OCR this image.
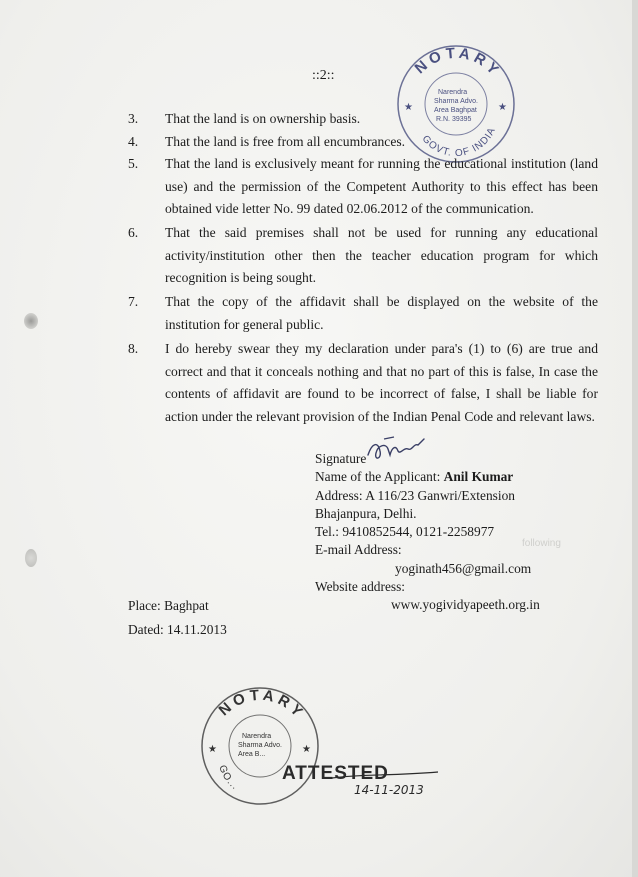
following
::2::	NOTARY
GOVT. OF INDIA
Narendra
Sharma Advo.
Area Baghpat
R.N. 39395
★	★
3. That the land is on ownership basis.
4. That the land is free from all encumbrances.
5. That the land is exclusively meant for running the educational institution (land use) and the permission of the Competent Authority to this effect has been obtained vide letter No. 99 dated 02.06.2012 of the communication.
6. That the said premises shall not be used for running any educational activity/institution other then the teacher education program for which recognition is being sought.
7. That the copy of the affidavit shall be displayed on the website of the institution for general public.
8. I do hereby swear they my declaration under para's (1) to (6) are true and correct and that it conceals nothing and that no part of this is false, In case the contents of affidavit are found to be incorrect of false, I shall be liable for action under the relevant provision of the Indian Penal Code and relevant laws.
Signature
Name of the Applicant: Anil Kumar
Address: A 116/23 Ganwri/Extension
Bhajanpura, Delhi.
Tel.: 9410852544, 0121-2258977
E-mail Address:
yoginath456@gmail.com
Website address:
www.yogividyapeeth.org.in
Place: Baghpat
Dated: 14.11.2013
NOTARY
GO...
Narendra
Sharma Advo.
Area B...
★	★
ATTESTED
14-11-2013
